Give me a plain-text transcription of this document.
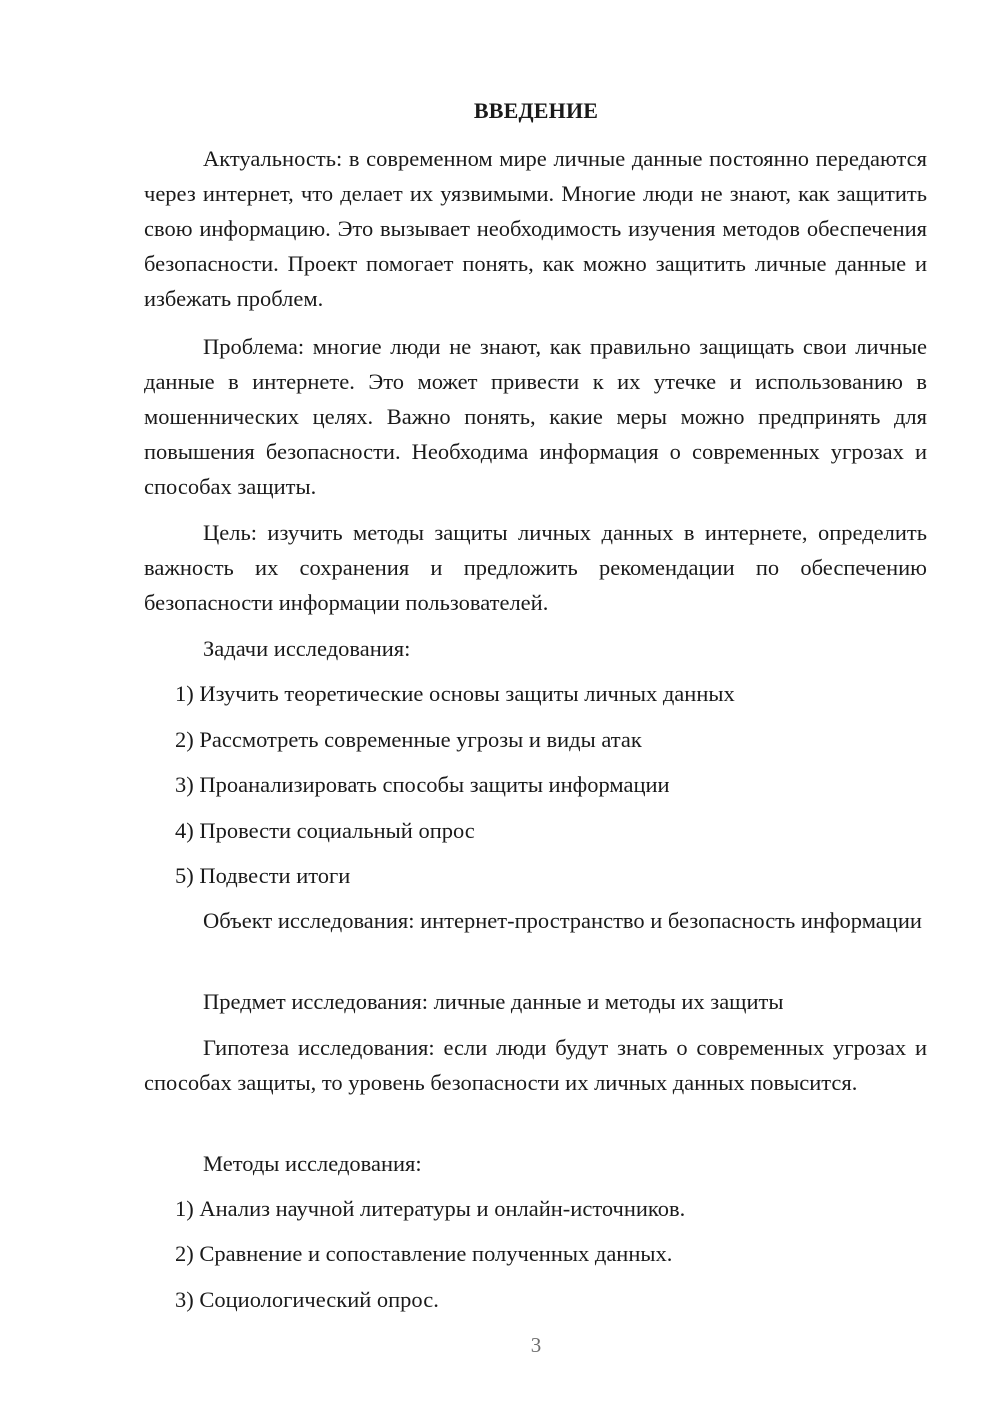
ВВЕДЕНИЕ

Актуальность: в современном мире личные данные постоянно передаются через интернет, что делает их уязвимыми. Многие люди не знают, как защитить свою информацию. Это вызывает необходимость изучения методов обеспечения безопасности. Проект помогает понять, как можно защитить личные данные и избежать проблем.

Проблема: многие люди не знают, как правильно защищать свои личные данные в интернете. Это может привести к их утечке и использованию в мошеннических целях. Важно понять, какие меры можно предпринять для повышения безопасности. Необходима информация о современных угрозах и способах защиты.

Цель: изучить методы защиты личных данных в интернете, определить важность их сохранения и предложить рекомендации по обеспечению безопасности информации пользователей.

Задачи исследования:
1) Изучить теоретические основы защиты личных данных
2) Рассмотреть современные угрозы и виды атак
3) Проанализировать способы защиты информации
4) Провести социальный опрос
5) Подвести итоги

Объект исследования: интернет-пространство и безопасность информации

Предмет исследования: личные данные и методы их защиты

Гипотеза исследования: если люди будут знать о современных угрозах и способах защиты, то уровень безопасности их личных данных повысится.

Методы исследования:
1) Анализ научной литературы и онлайн-источников.
2) Сравнение и сопоставление полученных данных.
3) Социологический опрос.
3
